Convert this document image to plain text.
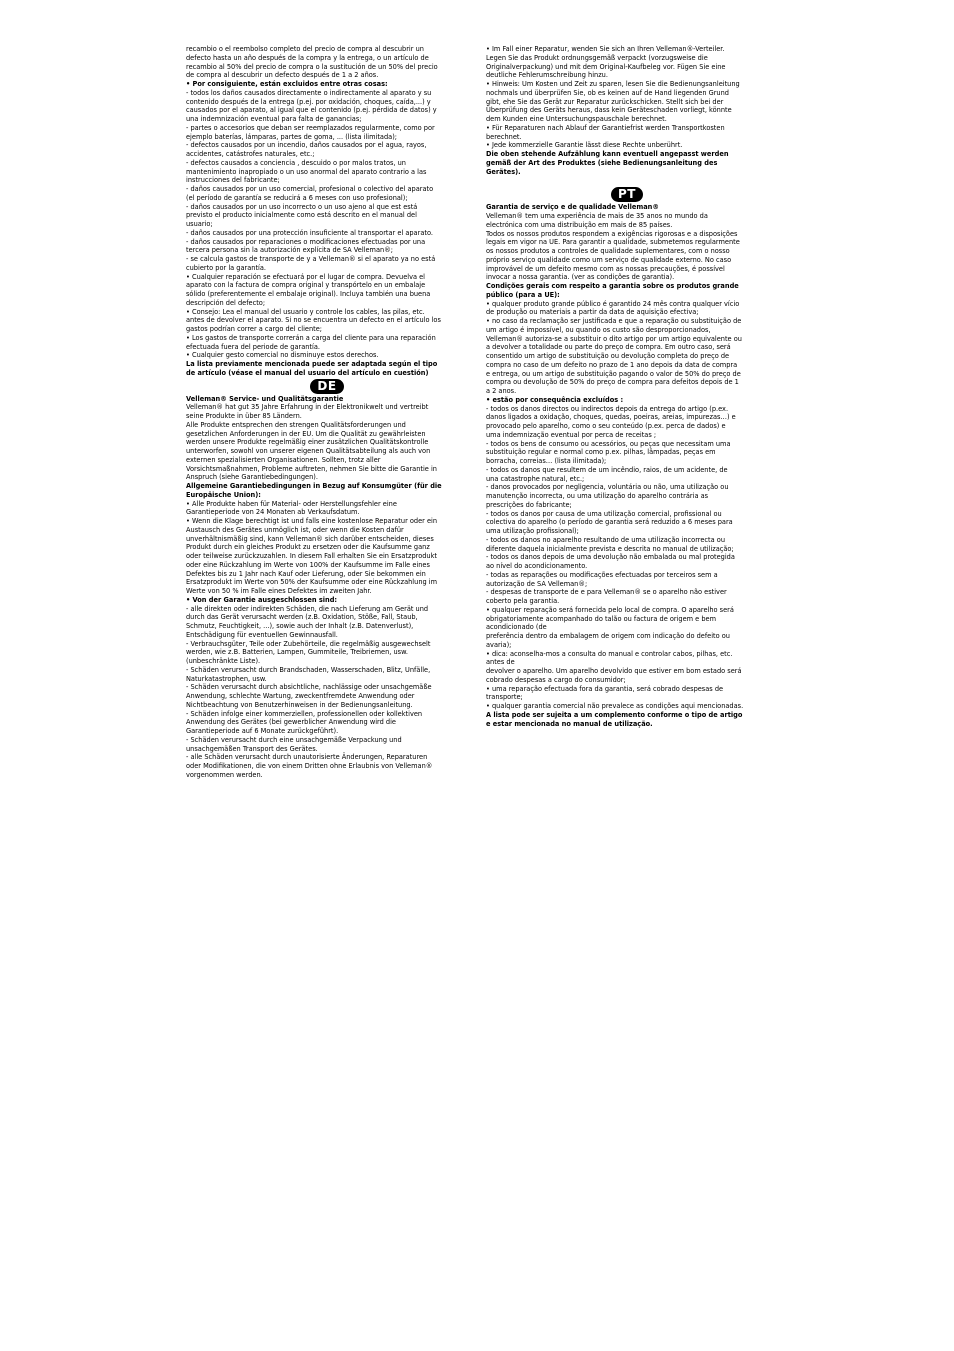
recambio o el reembolso completo del precio de compra al descubrir un
defecto hasta un año después de la compra y la entrega, o un artículo de
recambio al 50% del precio de compra o la sustitución de un 50% del precio
de compra al descubrir un defecto después de 1 a 2 años.
• Por consiguiente, están excluidos entre otras cosas:
- todos los daños causados directamente o indirectamente al aparato y su
contenido después de la entrega (p.ej. por oxidación, choques, caída,...) y
causados por el aparato, al igual que el contenido (p.ej. pérdida de datos) y
una indemnización eventual para falta de ganancias;
- partes o accesorios que deban ser reemplazados regularmente, como por
ejemplo baterías, lámparas, partes de goma, ... (lista ilimitada);
- defectos causados por un incendio, daños causados por el agua, rayos,
accidentes, catástrofes naturales, etc.;
- defectos causados a conciencia , descuido o por malos tratos, un
mantenimiento inapropiado o un uso anormal del aparato contrario a las
instrucciones del fabricante;
- daños causados por un uso comercial, profesional o colectivo del aparato
(el período de garantía se reducirá a 6 meses con uso profesional);
- daños causados por un uso incorrecto o un uso ajeno al que est está
previsto el producto inicialmente como está descrito en el manual del
usuario;
- daños causados por una protección insuficiente al transportar el aparato.
- daños causados por reparaciones o modificaciones efectuadas por una
tercera persona sin la autorización explícita de SA Velleman®;
- se calcula gastos de transporte de y a Velleman® si el aparato ya no está
cubierto por la garantía.
• Cualquier reparación se efectuará por el lugar de compra. Devuelva el
aparato con la factura de compra original y transpórtelo en un embalaje
sólido (preferentemente el embalaje original). Incluya también una buena
descripción del defecto;
• Consejo: Lea el manual del usuario y controle los cables, las pilas, etc.
antes de devolver el aparato. Si no se encuentra un defecto en el artículo los
gastos podrían correr a cargo del cliente;
• Los gastos de transporte correrán a carga del cliente para una reparación
efectuada fuera del periode de garantía.
• Cualquier gesto comercial no disminuye estos derechos.
La lista previamente mencionada puede ser adaptada según el tipo
de artículo (véase el manual del usuario del artículo en cuestión)
DE
Velleman® Service- und Qualitätsgarantie
Velleman® hat gut 35 Jahre Erfahrung in der Elektronikwelt und vertreibt
seine Produkte in über 85 Ländern.
Alle Produkte entsprechen den strengen Qualitätsforderungen und
gesetzlichen Anforderungen in der EU. Um die Qualität zu gewährleisten
werden unsere Produkte regelmäßig einer zusätzlichen Qualitätskontrolle
unterworfen, sowohl von unserer eigenen Qualitätsabteilung als auch von
externen spezialisierten Organisationen. Sollten, trotz aller
Vorsichtsmaßnahmen, Probleme auftreten, nehmen Sie bitte die Garantie in
Anspruch (siehe Garantiebedingungen).
Allgemeine Garantiebedingungen in Bezug auf Konsumgüter (für die
Europäische Union):
• Alle Produkte haben für Material- oder Herstellungsfehler eine
Garantieperiode von 24 Monaten ab Verkaufsdatum.
• Wenn die Klage berechtigt ist und falls eine kostenlose Reparatur oder ein
Austausch des Gerätes unmöglich ist, oder wenn die Kosten dafür
unverhältnismäßig sind, kann Velleman® sich darüber entscheiden, dieses
Produkt durch ein gleiches Produkt zu ersetzen oder die Kaufsumme ganz
oder teilweise zurückzuzahlen. In diesem Fall erhalten Sie ein Ersatzprodukt
oder eine Rückzahlung im Werte von 100% der Kaufsumme im Falle eines
Defektes bis zu 1 Jahr nach Kauf oder Lieferung, oder Sie bekommen ein
Ersatzprodukt im Werte von 50% der Kaufsumme oder eine Rückzahlung im
Werte von 50 % im Falle eines Defektes im zweiten Jahr.
• Von der Garantie ausgeschlossen sind:
- alle direkten oder indirekten Schäden, die nach Lieferung am Gerät und
durch das Gerät verursacht werden (z.B. Oxidation, Stöße, Fall, Staub,
Schmutz, Feuchtigkeit, ...), sowie auch der Inhalt (z.B. Datenverlust),
Entschädigung für eventuellen Gewinnausfall.
- Verbrauchsgüter, Teile oder Zubehörteile, die regelmäßig ausgewechselt
werden, wie z.B. Batterien, Lampen, Gummiteile, Treibriemen, usw.
(unbeschränkte Liste).
- Schäden verursacht durch Brandschaden, Wasserschaden, Blitz, Unfälle,
Naturkatastrophen, usw.
- Schäden verursacht durch absichtliche, nachlässige oder unsachgemäße
Anwendung, schlechte Wartung, zweckentfremdete Anwendung oder
Nichtbeachtung von Benutzerhinweisen in der Bedienungsanleitung.
- Schäden infolge einer kommerziellen, professionellen oder kollektiven
Anwendung des Gerätes (bei gewerblicher Anwendung wird die
Garantieperiode auf 6 Monate zurückgeführt).
- Schäden verursacht durch eine unsachgemäße Verpackung und
unsachgemäßen Transport des Gerätes.
- alle Schäden verursacht durch unautorisierte Änderungen, Reparaturen
oder Modifikationen, die von einem Dritten ohne Erlaubnis von Velleman®
vorgenommen werden.
• Im Fall einer Reparatur, wenden Sie sich an Ihren Velleman®-Verteiler.
Legen Sie das Produkt ordnungsgemäß verpackt (vorzugsweise die
Originalverpackung) und mit dem Original-Kaufbeleg vor. Fügen Sie eine
deutliche Fehlerumschreibung hinzu.
• Hinweis: Um Kosten und Zeit zu sparen, lesen Sie die Bedienungsanleitung
nochmals und überprüfen Sie, ob es keinen auf de Hand liegenden Grund
gibt, ehe Sie das Gerät zur Reparatur zurückschicken. Stellt sich bei der
Überprüfung des Geräts heraus, dass kein Geräteschaden vorliegt, könnte
dem Kunden eine Untersuchungspauschale berechnet.
• Für Reparaturen nach Ablauf der Garantiefrist werden Transportkosten
berechnet.
• Jede kommerzielle Garantie lässt diese Rechte unberührt.
Die oben stehende Aufzählung kann eventuell angepasst werden
gemäß der Art des Produktes (siehe Bedienungsanleitung des
Gerätes).
PT
Garantia de serviço e de qualidade Velleman®
Velleman® tem uma experiência de mais de 35 anos no mundo da
electrónica com uma distribuição em mais de 85 países.
Todos os nossos produtos respondem a exigências rigorosas e a disposições
legais em vigor na UE. Para garantir a qualidade, submetemos regularmente
os nossos produtos a controles de qualidade suplementares, com o nosso
próprio serviço qualidade como um serviço de qualidade externo. No caso
improvável de um defeito mesmo com as nossas precauções, é possível
invocar a nossa garantia. (ver as condições de garantia).
Condições gerais com respeito a garantia sobre os produtos grande
público (para a UE):
• qualquer produto grande público é garantido 24 mês contra qualquer vício
de produção ou materiais a partir da data de aquisição efectiva;
• no caso da reclamação ser justificada e que a reparação ou substituição de
um artigo é impossível, ou quando os custo são desproporcionados,
Velleman® autoriza-se a substituir o dito artigo por um artigo equivalente ou
a devolver a totalidade ou parte do preço de compra. Em outro caso, será
consentido um artigo de substituição ou devolução completa do preço de
compra no caso de um defeito no prazo de 1 ano depois da data de compra
e entrega, ou um artigo de substituição pagando o valor de 50% do preço de
compra ou devolução de 50% do preço de compra para defeitos depois de 1
a 2 anos.
• estão por consequência excluídos :
- todos os danos directos ou indirectos depois da entrega do artigo (p.ex.
danos ligados a oxidação, choques, quedas, poeiras, areias, impurezas…) e
provocado pelo aparelho, como o seu conteúdo (p.ex. perca de dados) e
uma indemnização eventual por perca de receitas ;
- todos os bens de consumo ou acessórios, ou peças que necessitam uma
substituição regular e normal como p.ex. pilhas, lâmpadas, peças em
borracha, correias… (lista ilimitada);
- todos os danos que resultem de um incêndio, raios, de um acidente, de
una catastrophe natural, etc.;
- danos provocados por negligencia, voluntária ou não, uma utilização ou
manutenção incorrecta, ou uma utilização do aparelho contrária as
prescrições do fabricante;
- todos os danos por causa de uma utilização comercial, profissional ou
colectiva do aparelho (o período de garantia será reduzido a 6 meses para
uma utilização profissional);
- todos os danos no aparelho resultando de uma utilização incorrecta ou
diferente daquela inicialmente prevista e descrita no manual de utilização;
- todos os danos depois de uma devolução não embalada ou mal protegida
ao nível do acondicionamento.
- todas as reparações ou modificações efectuadas por terceiros sem a
autorização de SA Velleman®;
- despesas de transporte de e para Velleman® se o aparelho não estiver
coberto pela garantia.
• qualquer reparação será fornecida pelo local de compra. O aparelho será
obrigatoriamente acompanhado do talão ou factura de origem e bem
acondicionado (de
preferência dentro da embalagem de origem com indicação do defeito ou
avaria);
• dica: aconselha-mos a consulta do manual e controlar cabos, pilhas, etc.
antes de
devolver o aparelho. Um aparelho devolvido que estiver em bom estado será
cobrado despesas a cargo do consumidor;
• uma reparação efectuada fora da garantia, será cobrado despesas de
transporte;
• qualquer garantia comercial não prevalece as condições aqui mencionadas.
A lista pode ser sujeita a um complemento conforme o tipo de artigo
e estar mencionada no manual de utilização.
